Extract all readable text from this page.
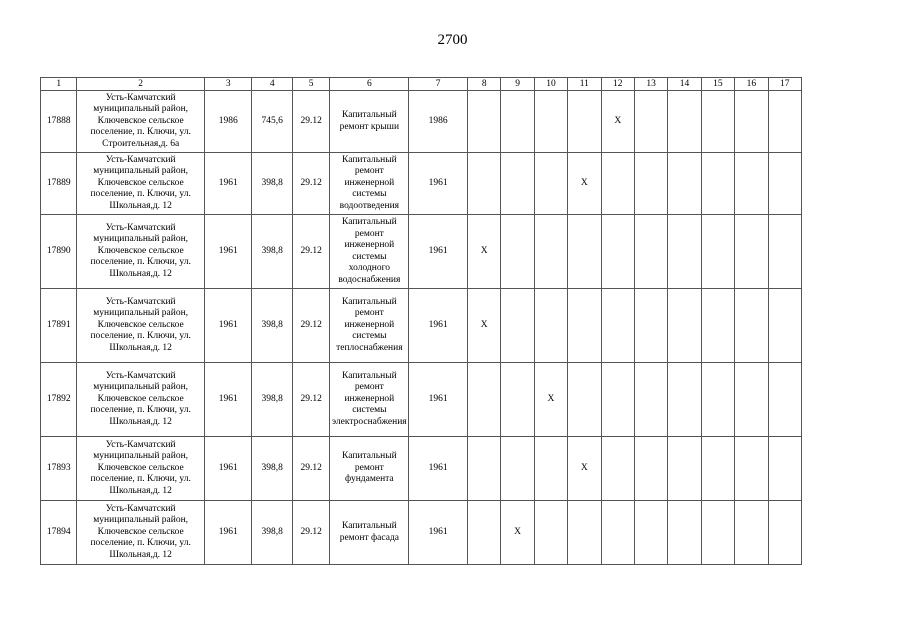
2700
1	2	3	4	5	6	7	8	9	10	11	12	13	14	15	16	17
17888	Усть-Камчатский муниципальный район, Ключевское сельское поселение, п. Ключи, ул. Строительная,д. 6а	1986	745,6	29.12	Капитальный ремонт крыши	1986					X					
17889	Усть-Камчатский муниципальный район, Ключевское сельское поселение, п. Ключи, ул. Школьная,д. 12	1961	398,8	29.12	Капитальный ремонт инженерной системы водоотведения	1961				X						
17890	Усть-Камчатский муниципальный район, Ключевское сельское поселение, п. Ключи, ул. Школьная,д. 12	1961	398,8	29.12	Капитальный ремонт инженерной системы холодного водоснабжения	1961	X									
17891	Усть-Камчатский муниципальный район, Ключевское сельское поселение, п. Ключи, ул. Школьная,д. 12	1961	398,8	29.12	Капитальный ремонт инженерной системы теплоснабжения	1961	X									
17892	Усть-Камчатский муниципальный район, Ключевское сельское поселение, п. Ключи, ул. Школьная,д. 12	1961	398,8	29.12	Капитальный ремонт инженерной системы электроснабжения	1961			X							
17893	Усть-Камчатский муниципальный район, Ключевское сельское поселение, п. Ключи, ул. Школьная,д. 12	1961	398,8	29.12	Капитальный ремонт фундамента	1961				X						
17894	Усть-Камчатский муниципальный район, Ключевское сельское поселение, п. Ключи, ул. Школьная,д. 12	1961	398,8	29.12	Капитальный ремонт фасада	1961		X								
